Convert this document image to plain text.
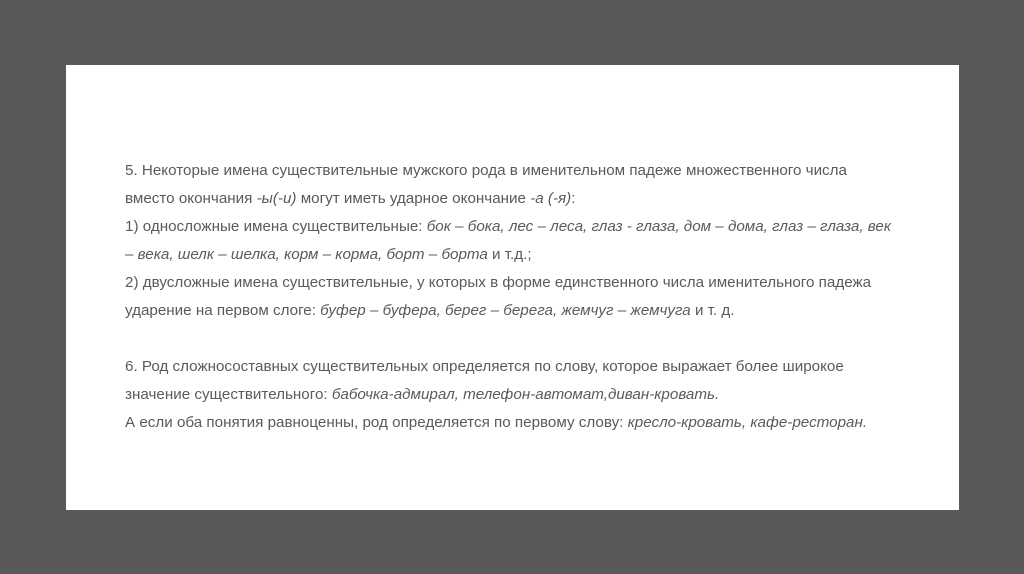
5. Некоторые имена существительные мужского рода в именительном падеже множественного числа

вместо окончания -ы(-и) могут иметь ударное окончание -а (-я):

1) односложные имена существительные: бок – бока, лес – леса, глаз - глаза, дом – дома, глаз – глаза, век

– века, шелк – шелка, корм – корма, борт – борта и т.д.;

2) двусложные имена существительные, у которых в форме единственного числа именительного падежа

ударение на первом слоге: буфер – буфера, берег – берега, жемчуг – жемчуга и т. д.

6. Род сложносоставных существительных определяется по слову, которое выражает более широкое

значение существительного: бабочка-адмирал, телефон-автомат,диван-кровать.

А если оба понятия равноценны, род определяется по первому слову: кресло-кровать, кафе-ресторан.
